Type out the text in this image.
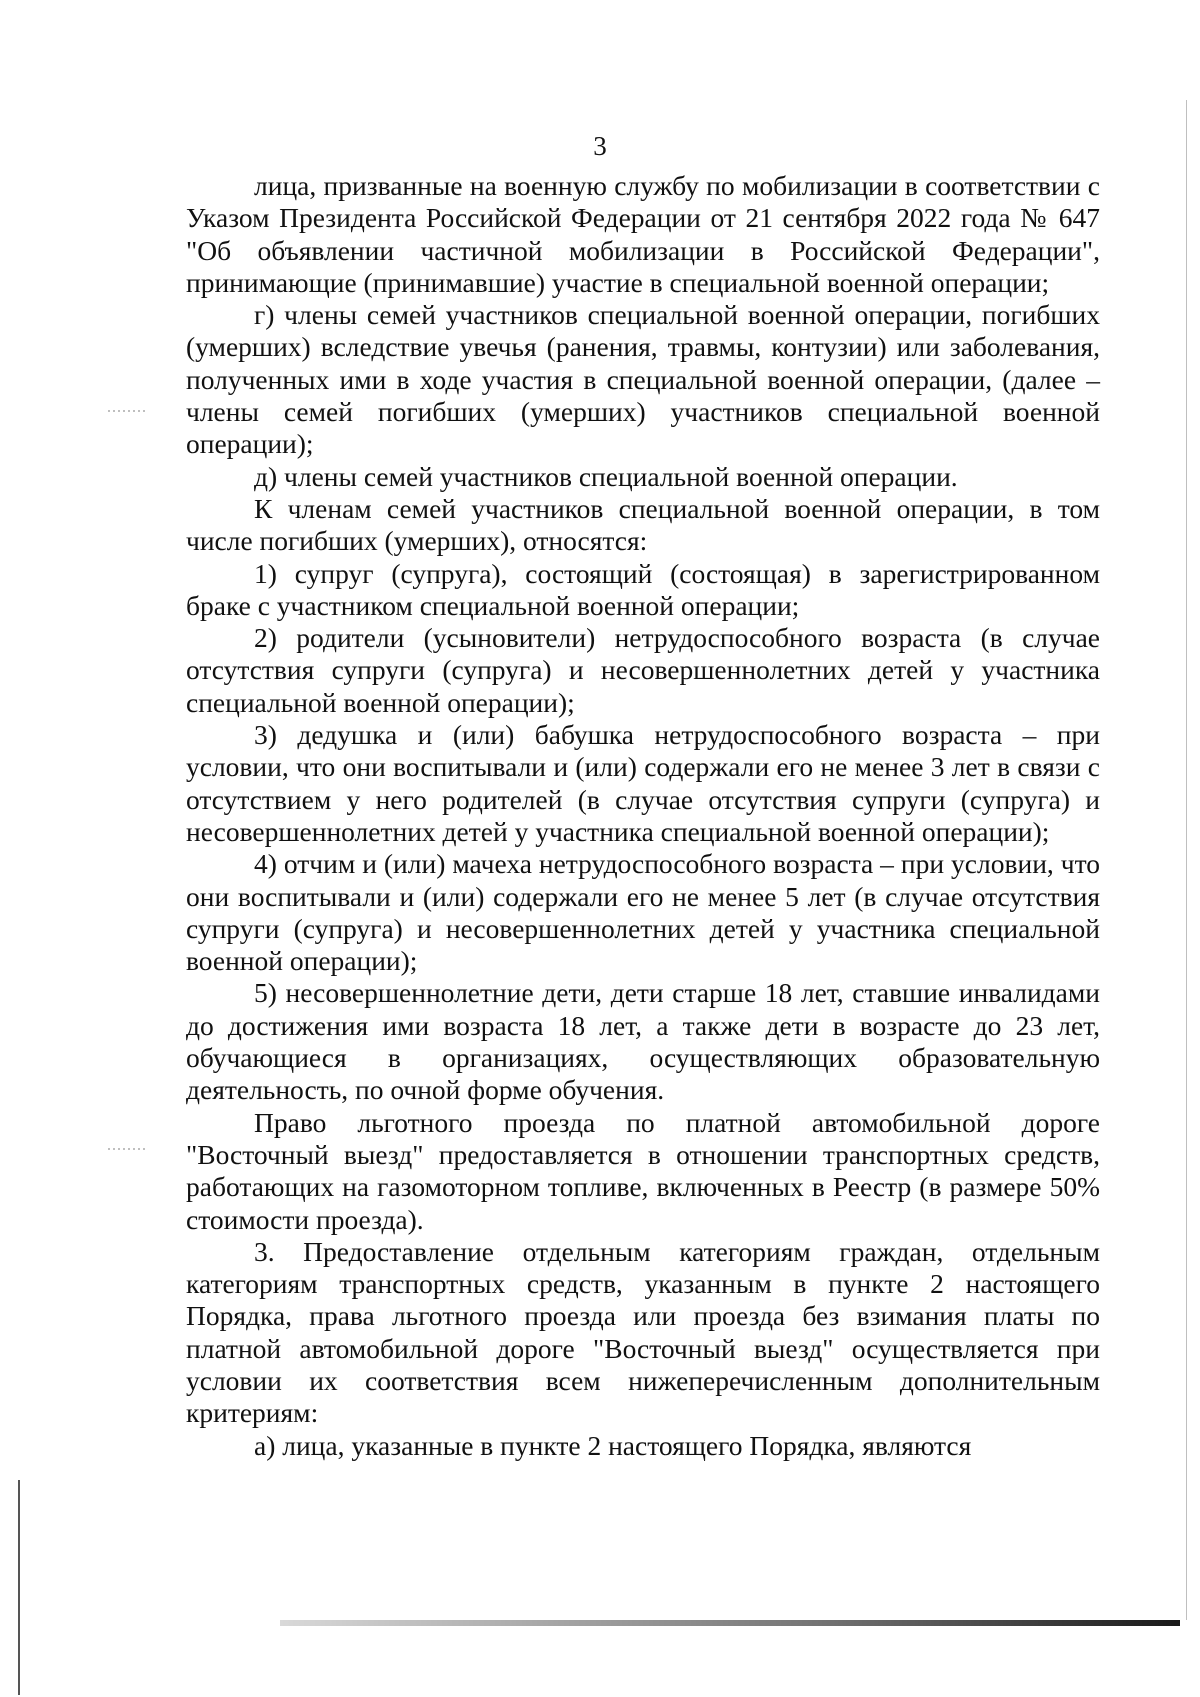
3

лица, призванные на военную службу по мобилизации в соответствии с Указом Президента Российской Федерации от 21 сентября 2022 года № 647 "Об объявлении частичной мобилизации в Российской Федерации", принимающие (принимавшие) участие в специальной военной операции;

г) члены семей участников специальной военной операции, погибших (умерших) вследствие увечья (ранения, травмы, контузии) или заболевания, полученных ими в ходе участия в специальной военной операции, (далее – члены семей погибших (умерших) участников специальной военной операции);

д) члены семей участников специальной военной операции.

К членам семей участников специальной военной операции, в том числе погибших (умерших), относятся:

1) супруг (супруга), состоящий (состоящая) в зарегистрированном браке с участником специальной военной операции;

2) родители (усыновители) нетрудоспособного возраста (в случае отсутствия супруги (супруга) и несовершеннолетних детей у участника специальной военной операции);

3) дедушка и (или) бабушка нетрудоспособного возраста – при условии, что они воспитывали и (или) содержали его не менее 3 лет в связи с отсутствием у него родителей (в случае отсутствия супруги (супруга) и несовершеннолетних детей у участника специальной военной операции);

4) отчим и (или) мачеха нетрудоспособного возраста – при условии, что они воспитывали и (или) содержали его не менее 5 лет (в случае отсутствия супруги (супруга) и несовершеннолетних детей у участника специальной военной операции);

5) несовершеннолетние дети, дети старше 18 лет, ставшие инвалидами до достижения ими возраста 18 лет, а также дети в возрасте до 23 лет, обучающиеся в организациях, осуществляющих образовательную деятельность, по очной форме обучения.

Право льготного проезда по платной автомобильной дороге "Восточный выезд" предоставляется в отношении транспортных средств, работающих на газомоторном топливе, включенных в Реестр (в размере 50% стоимости проезда).

3. Предоставление отдельным категориям граждан, отдельным категориям транспортных средств, указанным в пункте 2 настоящего Порядка, права льготного проезда или проезда без взимания платы по платной автомобильной дороге "Восточный выезд" осуществляется при условии их соответствия всем нижеперечисленным дополнительным критериям:

а) лица, указанные в пункте 2 настоящего Порядка, являются
